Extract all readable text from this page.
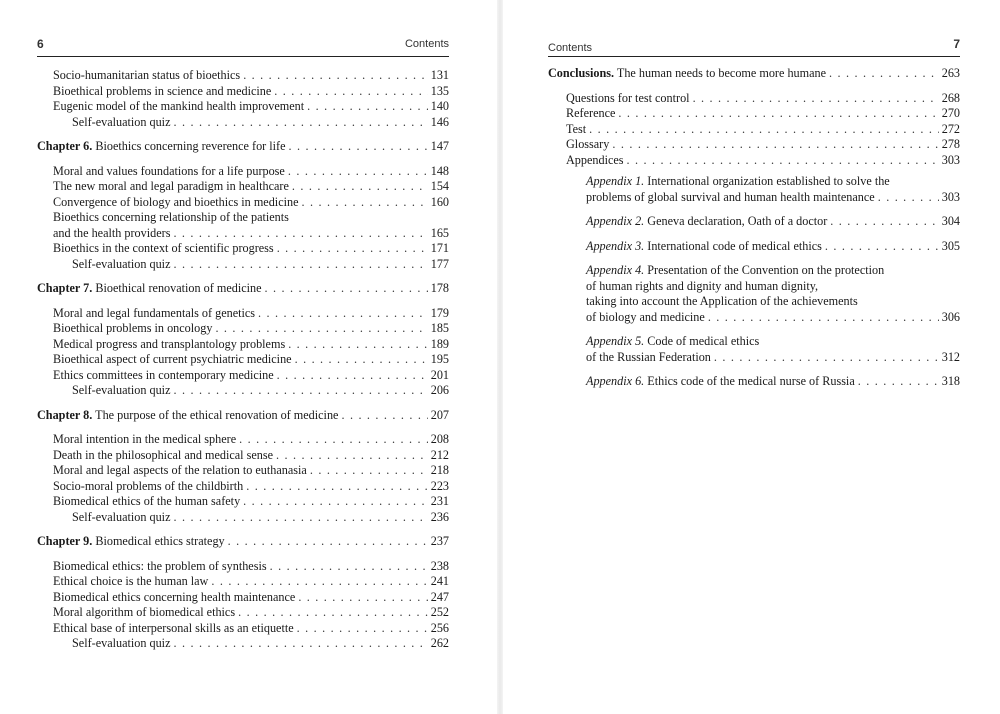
6	Contents
Socio-humanitarian status of bioethics . . .	131
Bioethical problems in science and medicine . . .	135
Eugenic model of the mankind health improvement . . .	140
Self-evaluation quiz . . .	146
Chapter 6. Bioethics concerning reverence for life . . .	147
Moral and values foundations for a life purpose . . .	148
The new moral and legal paradigm in healthcare . . .	154
Convergence of biology and bioethics in medicine . . .	160
Bioethics concerning relationship of the patients
and the health providers . . .	165
Bioethics in the context of scientific progress . . .	171
Self-evaluation quiz . . .	177
Chapter 7. Bioethical renovation of medicine . . .	178
Moral and legal fundamentals of genetics . . .	179
Bioethical problems in oncology . . .	185
Medical progress and transplantology problems . . .	189
Bioethical aspect of current psychiatric medicine . . .	195
Ethics committees in contemporary medicine . . .	201
Self-evaluation quiz . . .	206
Chapter 8. The purpose of the ethical renovation of medicine . . .	207
Moral intention in the medical sphere . . .	208
Death in the philosophical and medical sense . . .	212
Moral and legal aspects of the relation to euthanasia . . .	218
Socio-moral problems of the childbirth . . .	223
Biomedical ethics of the human safety . . .	231
Self-evaluation quiz . . .	236
Chapter 9. Biomedical ethics strategy . . .	237
Biomedical ethics: the problem of synthesis . . .	238
Ethical choice is the human law . . .	241
Biomedical ethics concerning health maintenance . . .	247
Moral algorithm of biomedical ethics . . .	252
Ethical base of interpersonal skills as an etiquette . . .	256
Self-evaluation quiz . . .	262
Contents	7
Conclusions. The human needs to become more humane . . .	263
Questions for test control . . .	268
Reference . . .	270
Test . . .	272
Glossary . . .	278
Appendices . . .	303
Appendix 1. International organization established to solve the
problems of global survival and human health maintenance . . .	303
Appendix 2. Geneva declaration, Oath of a doctor . . .	304
Appendix 3. International code of medical ethics . . .	305
Appendix 4. Presentation of the Convention on the protection
of human rights and dignity and human dignity,
taking into account the Application of the achievements
of biology and medicine . . .	306
Appendix 5. Code of medical ethics
of the Russian Federation . . .	312
Appendix 6. Ethics code of the medical nurse of Russia . . .	318
